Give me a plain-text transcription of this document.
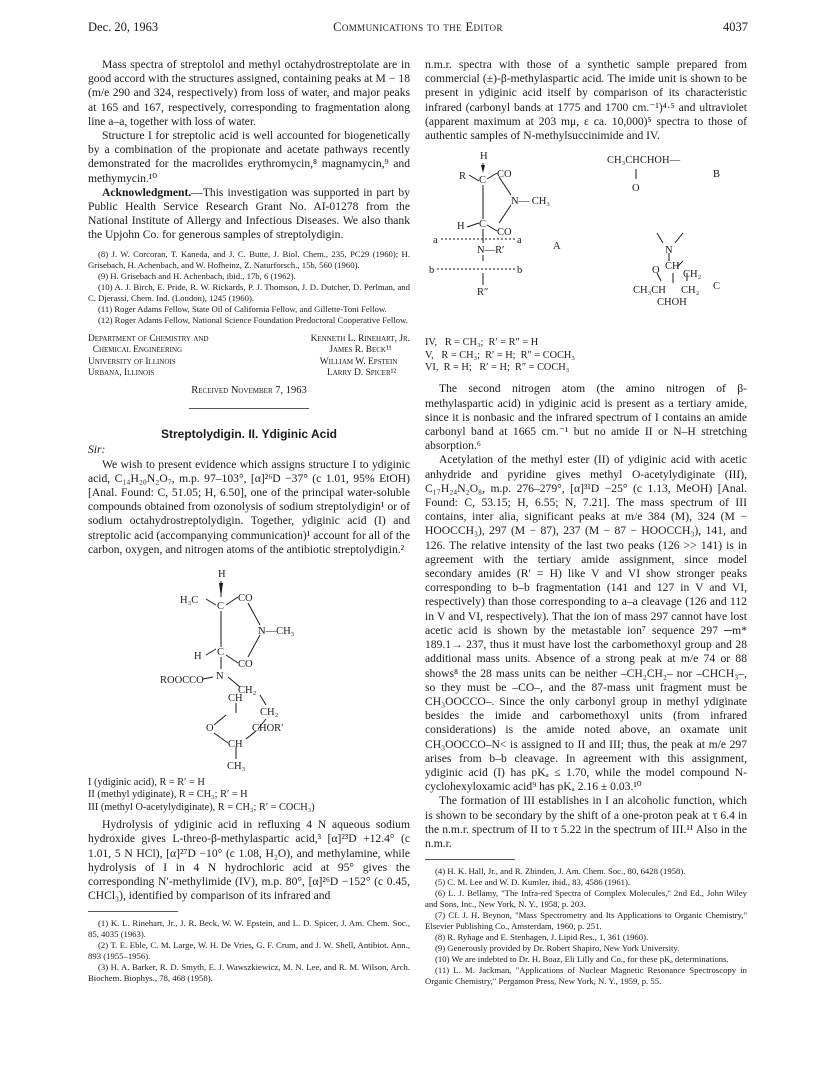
Dec. 20, 1963	Communications to the Editor	4037

Mass spectra of streptolol and methyl octahydrostreptolate are in good accord with the structures assigned, containing peaks at M − 18 (m/e 290 and 324, respectively) from loss of water, and major peaks at 165 and 167, respectively, corresponding to fragmentation along line a–a, together with loss of water.

Structure I for streptolic acid is well accounted for biogenetically by a combination of the propionate and acetate pathways recently demonstrated for the macrolides erythromycin,⁸ magnamycin,⁹ and methymycin.¹⁰

Acknowledgment.—This investigation was supported in part by Public Health Service Research Grant No. AI-01278 from the National Institute of Allergy and Infectious Diseases. We also thank the Upjohn Co. for generous samples of streptolydigin.

(8) J. W. Corcoran, T. Kaneda, and J. C. Butte, J. Biol. Chem., 235, PC29 (1960); H. Grisebach, H. Achenbach, and W. Hofheinz, Z. Naturforsch., 15b, 560 (1960).

(9) H. Grisebach and H. Achenbach, ibid., 17b, 6 (1962).

(10) A. J. Birch, E. Pride, R. W. Rickards, P. J. Thomson, J. D. Dutcher, D. Perlman, and C. Djerassi, Chem. Ind. (London), 1245 (1960).

(11) Roger Adams Fellow, State Oil of California Fellow, and Gillette-Toni Fellow.

(12) Roger Adams Fellow, National Science Foundation Predoctoral Cooperative Fellow.

Department of Chemistry and
Chemical Engineering
University of Illinois
Urbana, Illinois
Kenneth L. Rinehart, Jr.
James R. Beck¹¹
William W. Epstein
Larry D. Spicer¹²
Received November 7, 1963
Streptolydigin. II. Ydiginic Acid
Sir:

We wish to present evidence which assigns structure I to ydiginic acid, C₁₄H₂₀N₂O₇, m.p. 97–103°, [α]²⁶D −37° (c 1.01, 95% EtOH) [Anal. Found: C, 51.05; H, 6.50], one of the principal water-soluble compounds obtained from ozonolysis of sodium streptolydigin¹ or of sodium octahydrostreptolydigin. Together, ydiginic acid (I) and streptolic acid (accompanying communication)¹ account for all of the carbon, oxygen, and nitrogen atoms of the antibiotic streptolydigin.²

H
H₃C	CO
C
N—CH₃
H C
CO
ROOCCO N
CH₂
CH
CH₂
O	CHOR′
CH
CH₃
I (ydiginic acid), R = R′ = H
II (methyl ydiginate), R = CH₃; R′ = H
III (methyl O-acetylydiginate), R = CH₃; R′ = COCH₃)

Hydrolysis of ydiginic acid in refluxing 4 N aqueous sodium hydroxide gives L-threo-β-methylaspartic acid,³ [α]²³D +12.4° (c 1.01, 5 N HCl), [α]²⁷D −10° (c 1.08, H₂O), and methylamine, while hydrolysis of I in 4 N hydrochloric acid at 95° gives the corresponding N′-methylimide (IV), m.p. 80°, [α]²⁶D −152° (c 0.45, CHCl₃), identified by comparison of its infrared and

(1) K. L. Rinehart, Jr., J. R. Beck, W. W. Epstein, and L. D. Spicer, J. Am. Chem. Soc., 85, 4035 (1963).

(2) T. E. Eble, C. M. Large, W. H. De Vries, G. F. Crum, and J. W. Shell, Antibiot. Ann., 893 (1955–1956).

(3) H. A. Barker, R. D. Smyth, E. J. Wawszkiewicz, M. N. Lee, and R. M. Wilson, Arch. Biochem. Biophys., 78, 468 (1958).

n.m.r. spectra with those of a synthetic sample prepared from commercial (±)-β-methylaspartic acid. The imide unit is shown to be present in ydiginic acid itself by comparison of its characteristic infrared (carbonyl bands at 1775 and 1700 cm.⁻¹)⁴·⁵ and ultraviolet (apparent maximum at 203 mμ, ε ca. 10,000)⁵ spectra to those of authentic samples of N-methylsuccinimide and IV.

H
R	CO
C
N— CH₃
H C
CO
a	a
N—R′
b	b
R″
A
CH₃CHCHOH—
O
B
N
O CH
CH₂
CH₃CH CH₂
CHOH
C
IV,   R = CH₃;  R′ = R″ = H
V,   R = CH₃;  R′ = H;  R″ = COCH₃
VI,  R = H;   R′ = H;  R″ = COCH₃

The second nitrogen atom (the amino nitrogen of β-methylaspartic acid) in ydiginic acid is present as a tertiary amide, since it is nonbasic and the infrared spectrum of I contains an amide carbonyl band at 1665 cm.⁻¹ but no amide II or N–H stretching absorption.⁶

Acetylation of the methyl ester (II) of ydiginic acid with acetic anhydride and pyridine gives methyl O-acetylydiginate (III), C₁₇H₂₄N₂O₈, m.p. 276–279°, [α]³¹D −25° (c 1.13, MeOH) [Anal. Found: C, 53.15; H, 6.55; N, 7.21]. The mass spectrum of III contains, inter alia, significant peaks at m/e 384 (M), 324 (M − HOOCCH₃), 297 (M − 87), 237 (M − 87 − HOOCCH₃), 141, and 126. The relative intensity of the last two peaks (126 >> 141) is in agreement with the tertiary amide assignment, since model secondary amides (R′ = H) like V and VI show stronger peaks corresponding to b–b fragmentation (141 and 127 in V and VI, respectively) than those corresponding to a–a cleavage (126 and 112 in V and VI, respectively). That the ion of mass 297 cannot have lost acetic acid is shown by the metastable ion⁷ sequence 297 ─m* 189.1→ 237, thus it must have lost the carbomethoxyl group and 28 additional mass units. Absence of a strong peak at m/e 74 or 88 shows⁸ the 28 mass units can be neither –CH₂CH₂– nor –CHCH₃–, so they must be –CO–, and the 87-mass unit fragment must be CH₃OOCCO–. Since the only carbonyl group in methyl ydiginate besides the imide and carbomethoxyl units (from infrared considerations) is the amide noted above, an oxamate unit CH₃OOCCO–N< is assigned to II and III; thus, the peak at m/e 297 arises from b–b cleavage. In agreement with this assignment, ydiginic acid (I) has pKₐ ≤ 1.70, while the model compound N-cyclohexyloxamic acid⁹ has pKₐ 2.16 ± 0.03.¹⁰

The formation of III establishes in I an alcoholic function, which is shown to be secondary by the shift of a one-proton peak at τ 6.4 in the n.m.r. spectrum of II to τ 5.22 in the spectrum of III.¹¹ Also in the n.m.r.

(4) H. K. Hall, Jr., and R. Zbinden, J. Am. Chem. Soc., 80, 6428 (1958).

(5) C. M. Lee and W. D. Kumler, ibid., 83, 4586 (1961).

(6) L. J. Bellamy, "The Infra-red Spectra of Complex Molecules," 2nd Ed., John Wiley and Sons, Inc., New York, N. Y., 1958, p. 203.

(7) Cf. J. H. Beynon, "Mass Spectrometry and Its Applications to Organic Chemistry," Elsevier Publishing Co., Amsterdam, 1960, p. 251.

(8) R. Ryhage and E. Stenhagen, J. Lipid Res., 1, 361 (1960).

(9) Generously provided by Dr. Robert Shapiro, New York University.

(10) We are indebted to Dr. H. Boaz, Eli Lilly and Co., for these pKₐ determinations.

(11) L. M. Jackman, "Applications of Nuclear Magnetic Resonance Spectroscopy in Organic Chemistry," Pergamon Press, New York, N. Y., 1959, p. 55.
